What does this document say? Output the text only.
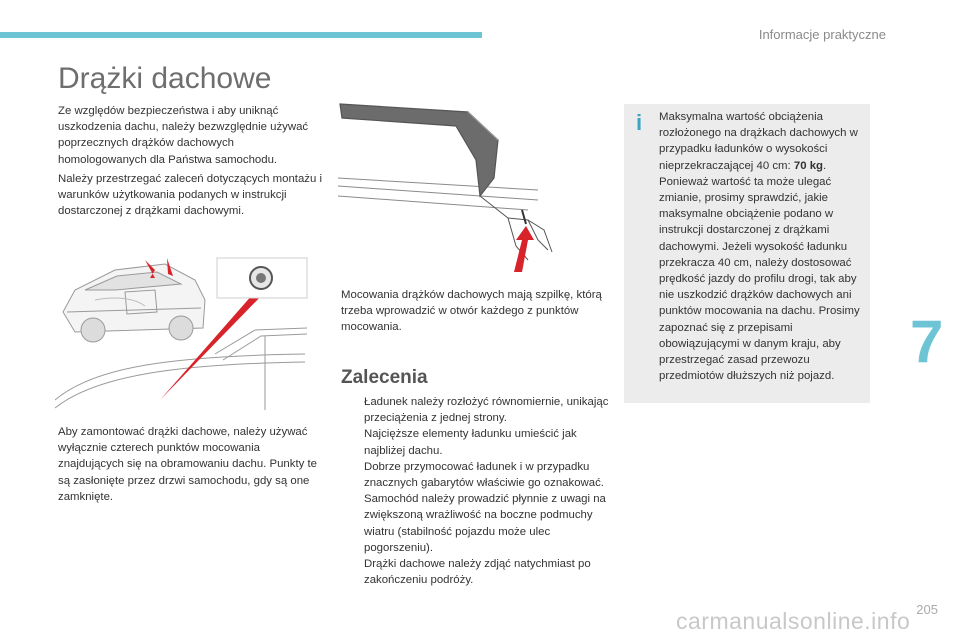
Informacje praktyczne
Drążki dachowe

Ze względów bezpieczeństwa i aby uniknąć uszkodzenia dachu, należy bezwzględnie używać poprzecznych drążków dachowych homologowanych dla Państwa samochodu.

Należy przestrzegać zaleceń dotyczących montażu i warunków użytkowania podanych w instrukcji dostarczonej z drążkami dachowymi.

Aby zamontować drążki dachowe, należy używać wyłącznie czterech punktów mocowania znajdujących się na obramowaniu dachu. Punkty te są zasłonięte przez drzwi samochodu, gdy są one zamknięte.

Mocowania drążków dachowych mają szpilkę, którą trzeba wprowadzić w otwór każdego z punktów mocowania.

Zalecenia
Ładunek należy rozłożyć równomiernie, unikając przeciążenia z jednej strony.
Najcięższe elementy ładunku umieścić jak najbliżej dachu.
Dobrze przymocować ładunek i w przypadku znacznych gabarytów właściwie go oznakować.
Samochód należy prowadzić płynnie z uwagi na zwiększoną wrażliwość na boczne podmuchy wiatru (stabilność pojazdu może ulec pogorszeniu).
Drążki dachowe należy zdjąć natychmiast po zakończeniu podróży.
i	Maksymalna wartość obciążenia rozłożonego na drążkach dachowych w przypadku ładunków o wysokości nieprzekraczającej 40 cm: 70 kg. Ponieważ wartość ta może ulegać zmianie, prosimy sprawdzić, jakie maksymalne obciążenie podano w instrukcji dostarczonej z drążkami dachowymi. Jeżeli wysokość ładunku przekracza 40 cm, należy dostosować prędkość jazdy do profilu drogi, tak aby nie uszkodzić drążków dachowych ani punktów mocowania na dachu. Prosimy zapoznać się z przepisami obowiązującymi w danym kraju, aby przestrzegać zasad przewozu przedmiotów dłuższych niż pojazd.

7
carmanualsonline.info 205
